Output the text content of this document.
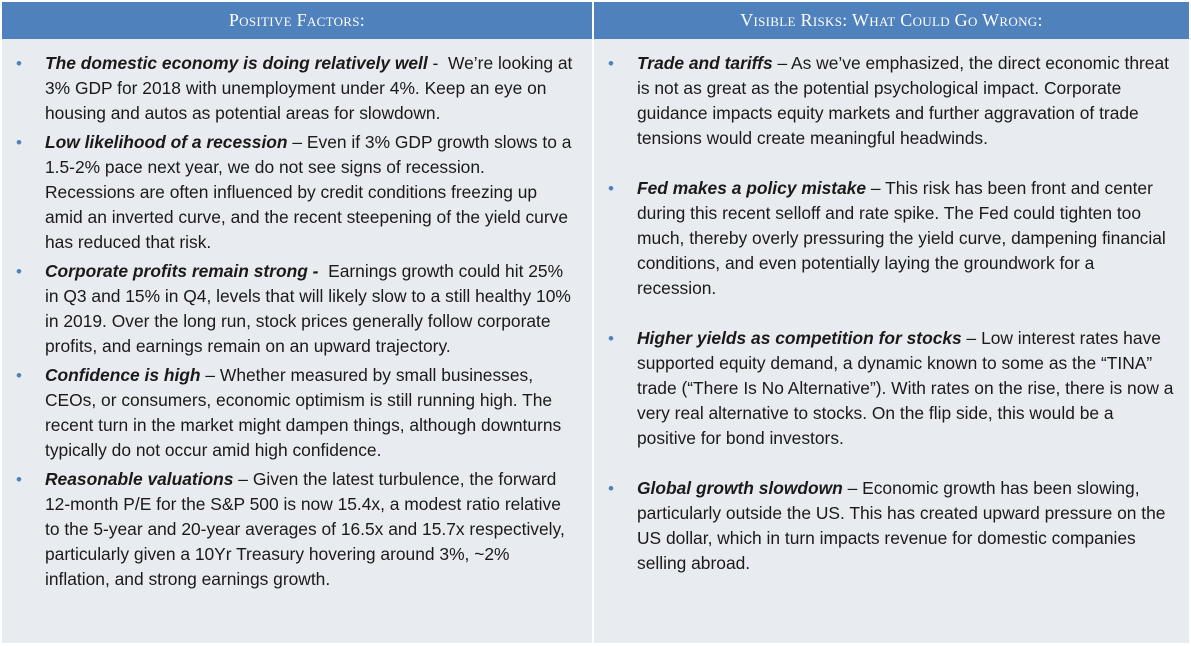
Positive Factors:	Visible Risks: What Could Go Wrong:
• The domestic economy is doing relatively well -  We’re looking at 3% GDP for 2018 with unemployment under 4%. Keep an eye on housing and autos as potential areas for slowdown.
• Low likelihood of a recession – Even if 3% GDP growth slows to a 1.5-2% pace next year, we do not see signs of recession. Recessions are often influenced by credit conditions freezing up amid an inverted curve, and the recent steepening of the yield curve has reduced that risk.
• Corporate profits remain strong - Earnings growth could hit 25% in Q3 and 15% in Q4, levels that will likely slow to a still healthy 10% in 2019. Over the long run, stock prices generally follow corporate profits, and earnings remain on an upward trajectory.
• Confidence is high – Whether measured by small businesses, CEOs, or consumers, economic optimism is still running high. The recent turn in the market might dampen things, although downturns typically do not occur amid high confidence.
• Reasonable valuations – Given the latest turbulence, the forward 12-month P/E for the S&P 500 is now 15.4x, a modest ratio relative to the 5-year and 20-year averages of 16.5x and 15.7x respectively, particularly given a 10Yr Treasury hovering around 3%, ~2% inflation, and strong earnings growth.
• Trade and tariffs – As we’ve emphasized, the direct economic threat is not as great as the potential psychological impact. Corporate guidance impacts equity markets and further aggravation of trade tensions would create meaningful headwinds.
• Fed makes a policy mistake – This risk has been front and center during this recent selloff and rate spike. The Fed could tighten too much, thereby overly pressuring the yield curve, dampening financial conditions, and even potentially laying the groundwork for a recession.
• Higher yields as competition for stocks – Low interest rates have supported equity demand, a dynamic known to some as the “TINA” trade (“There Is No Alternative”). With rates on the rise, there is now a very real alternative to stocks. On the flip side, this would be a positive for bond investors.
• Global growth slowdown – Economic growth has been slowing, particularly outside the US. This has created upward pressure on the US dollar, which in turn impacts revenue for domestic companies selling abroad.
